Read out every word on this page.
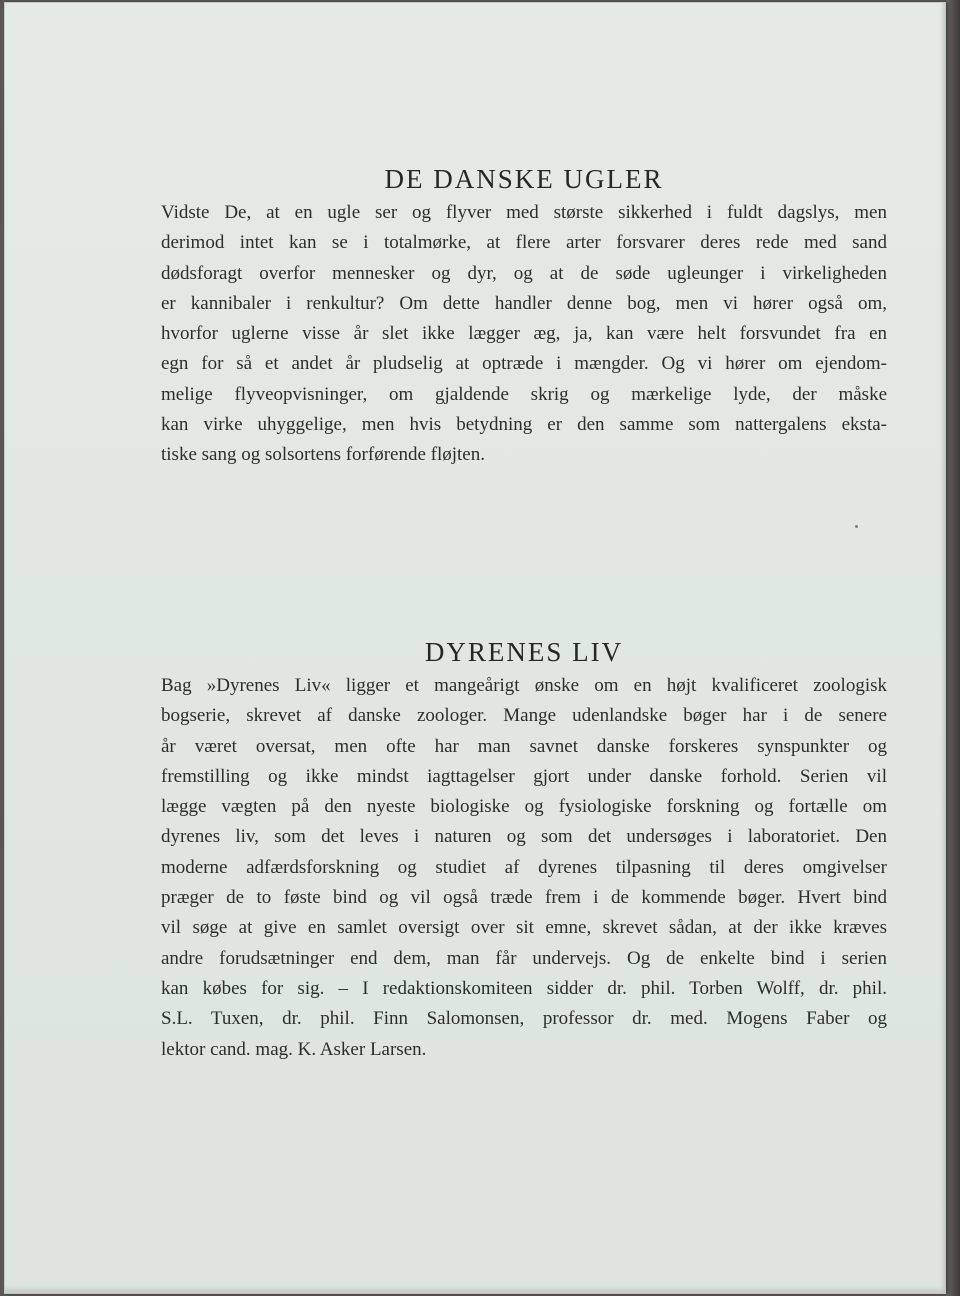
DE DANSKE UGLER

Vidste De, at en ugle ser og flyver med største sikkerhed i fuldt dagslys, men
derimod intet kan se i totalmørke, at flere arter forsvarer deres rede med sand
dødsforagt overfor mennesker og dyr, og at de søde ugleunger i virkeligheden
er kannibaler i renkultur? Om dette handler denne bog, men vi hører også om,
hvorfor uglerne visse år slet ikke lægger æg, ja, kan være helt forsvundet fra en
egn for så et andet år pludselig at optræde i mængder. Og vi hører om ejendom-
melige flyveopvisninger, om gjaldende skrig og mærkelige lyde, der måske
kan virke uhyggelige, men hvis betydning er den samme som nattergalens eksta-
tiske sang og solsortens forførende fløjten.

DYRENES LIV

Bag »Dyrenes Liv« ligger et mangeårigt ønske om en højt kvalificeret zoologisk
bogserie, skrevet af danske zoologer. Mange udenlandske bøger har i de senere
år været oversat, men ofte har man savnet danske forskeres synspunkter og
fremstilling og ikke mindst iagttagelser gjort under danske forhold. Serien vil
lægge vægten på den nyeste biologiske og fysiologiske forskning og fortælle om
dyrenes liv, som det leves i naturen og som det undersøges i laboratoriet. Den
moderne adfærdsforskning og studiet af dyrenes tilpasning til deres omgivelser
præger de to føste bind og vil også træde frem i de kommende bøger. Hvert bind
vil søge at give en samlet oversigt over sit emne, skrevet sådan, at der ikke kræves
andre forudsætninger end dem, man får undervejs. Og de enkelte bind i serien
kan købes for sig. – I redaktionskomiteen sidder dr. phil. Torben Wolff, dr. phil.
S.L. Tuxen, dr. phil. Finn Salomonsen, professor dr. med. Mogens Faber og
lektor cand. mag. K. Asker Larsen.
